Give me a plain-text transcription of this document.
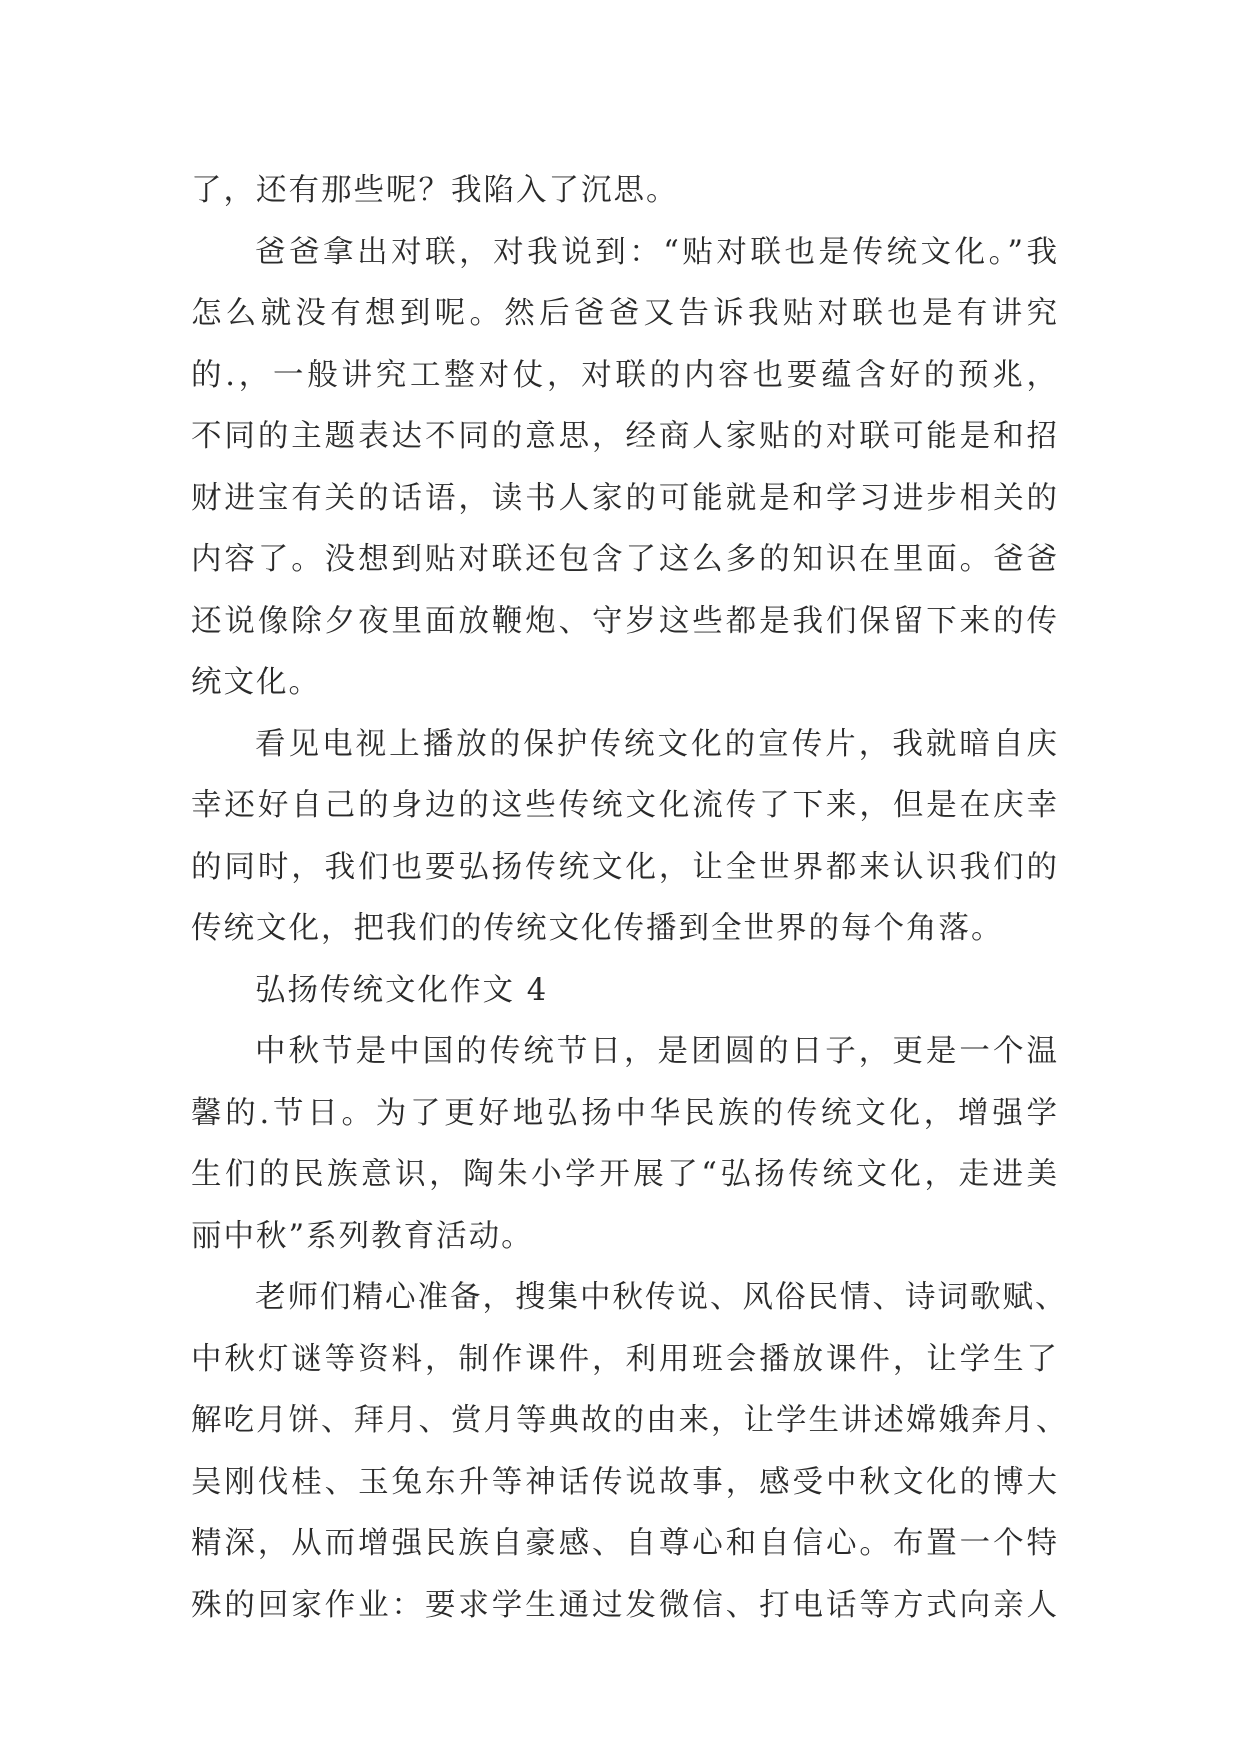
了，还有那些呢？我陷入了沉思。
爸爸拿出对联，对我说到：“贴对联也是传统文化。”我
怎么就没有想到呢。然后爸爸又告诉我贴对联也是有讲究
的.，一般讲究工整对仗，对联的内容也要蕴含好的预兆，
不同的主题表达不同的意思，经商人家贴的对联可能是和招
财进宝有关的话语，读书人家的可能就是和学习进步相关的
内容了。没想到贴对联还包含了这么多的知识在里面。爸爸
还说像除夕夜里面放鞭炮、守岁这些都是我们保留下来的传
统文化。
看见电视上播放的保护传统文化的宣传片，我就暗自庆
幸还好自己的身边的这些传统文化流传了下来，但是在庆幸
的同时，我们也要弘扬传统文化，让全世界都来认识我们的
传统文化，把我们的传统文化传播到全世界的每个角落。
弘扬传统文化作文 4
中秋节是中国的传统节日，是团圆的日子，更是一个温
馨的.节日。为了更好地弘扬中华民族的传统文化，增强学
生们的民族意识，陶朱小学开展了“弘扬传统文化，走进美
丽中秋”系列教育活动。
老师们精心准备，搜集中秋传说、风俗民情、诗词歌赋、
中秋灯谜等资料，制作课件，利用班会播放课件，让学生了
解吃月饼、拜月、赏月等典故的由来，让学生讲述嫦娥奔月、
吴刚伐桂、玉兔东升等神话传说故事，感受中秋文化的博大
精深，从而增强民族自豪感、自尊心和自信心。布置一个特
殊的回家作业：要求学生通过发微信、打电话等方式向亲人
